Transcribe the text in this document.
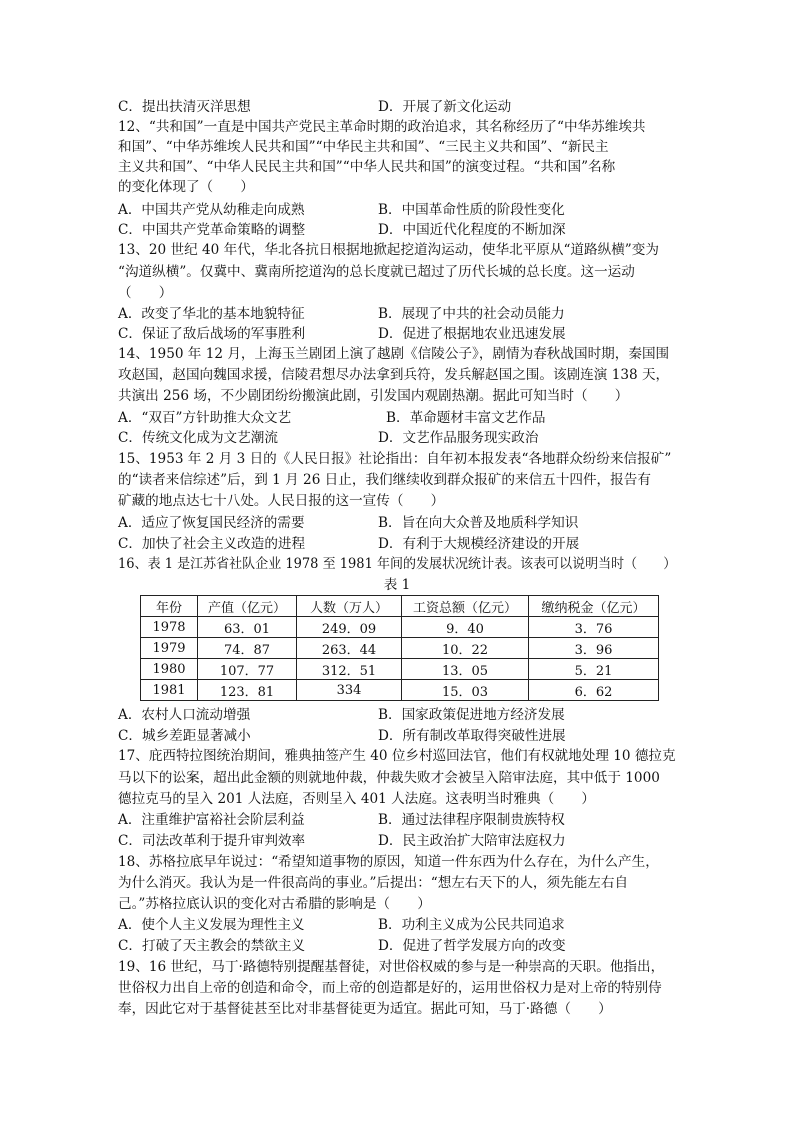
C．提出扶清灭洋思想	D．开展了新文化运动
12、“共和国”一直是中国共产党民主革命时期的政治追求，其名称经历了“中华苏维埃共
和国”、“中华苏维埃人民共和国”“中华民主共和国”、“三民主义共和国”、“新民主
主义共和国”、“中华人民民主共和国”“中华人民共和国”的演变过程。“共和国”名称
的变化体现了（　　）
A．中国共产党从幼稚走向成熟	B．中国革命性质的阶段性变化
C．中国共产党革命策略的调整	D．中国近代化程度的不断加深
13、20 世纪 40 年代，华北各抗日根据地掀起挖道沟运动，使华北平原从“道路纵横”变为
“沟道纵横”。仅冀中、冀南所挖道沟的总长度就已超过了历代长城的总长度。这一运动
（　　）
A．改变了华北的基本地貌特征	B．展现了中共的社会动员能力
C．保证了敌后战场的军事胜利	D．促进了根据地农业迅速发展
14、1950 年 12 月，上海玉兰剧团上演了越剧《信陵公子》，剧情为春秋战国时期，秦国围
攻赵国，赵国向魏国求援，信陵君想尽办法拿到兵符，发兵解赵国之围。该剧连演 138 天，
共演出 256 场，不少剧团纷纷搬演此剧，引发国内观剧热潮。据此可知当时（　　）
A．“双百”方针助推大众文艺	B．革命题材丰富文艺作品
C．传统文化成为文艺潮流	D．文艺作品服务现实政治
15、1953 年 2 月 3 日的《人民日报》社论指出：自年初本报发表“各地群众纷纷来信报矿”
的“读者来信综述”后，到 1 月 26 日止，我们继续收到群众报矿的来信五十四件，报告有
矿藏的地点达七十八处。人民日报的这一宣传（　　）
A．适应了恢复国民经济的需要	B．旨在向大众普及地质科学知识
C．加快了社会主义改造的进程	D．有利于大规模经济建设的开展
16、表 1 是江苏省社队企业 1978 至 1981 年间的发展状况统计表。该表可以说明当时（　　）
表 1
年份	产值（亿元）	人数（万人）	工资总额（亿元）	缴纳税金（亿元）
1978	63．01	249．09	9．40	3．76
1979	74．87	263．44	10．22	3．96
1980	107．77	312．51	13．05	5．21
1981	123．81	334	15．03	6．62
A．农村人口流动增强	B．国家政策促进地方经济发展
C．城乡差距显著减小	D．所有制改革取得突破性进展
17、庇西特拉图统治期间，雅典抽签产生 40 位乡村巡回法官，他们有权就地处理 10 德拉克
马以下的讼案，超出此金额的则就地仲裁，仲裁失败才会被呈入陪审法庭，其中低于 1000
德拉克马的呈入 201 人法庭，否则呈入 401 人法庭。这表明当时雅典（　　）
A．注重维护富裕社会阶层利益	B．通过法律程序限制贵族特权
C．司法改革利于提升审判效率	D．民主政治扩大陪审法庭权力
18、苏格拉底早年说过：“希望知道事物的原因，知道一件东西为什么存在，为什么产生，
为什么消灭。我认为是一件很高尚的事业。”后提出：“想左右天下的人，须先能左右自
己。”苏格拉底认识的变化对古希腊的影响是（　　）
A．使个人主义发展为理性主义	B．功利主义成为公民共同追求
C．打破了天主教会的禁欲主义	D．促进了哲学发展方向的改变
19、16 世纪，马丁·路德特别提醒基督徒，对世俗权威的参与是一种崇高的天职。他指出，
世俗权力出自上帝的创造和命令，而上帝的创造都是好的，运用世俗权力是对上帝的特别侍
奉，因此它对于基督徒甚至比对非基督徒更为适宜。据此可知，马丁·路德（　　）
